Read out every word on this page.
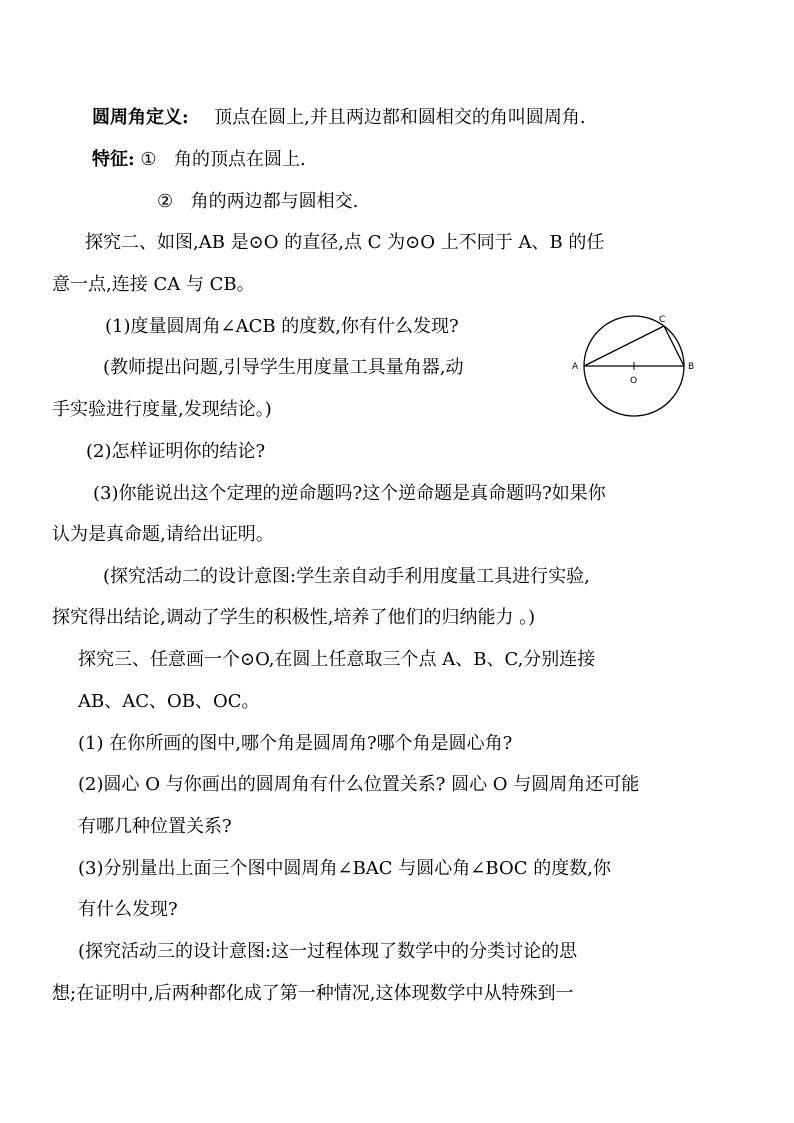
圆周角定义: 顶点在圆上,并且两边都和圆相交的角叫圆周角.
特征: ① 角的顶点在圆上.
② 角的两边都与圆相交.
探究二、如图,AB 是⊙O 的直径,点 C 为⊙O 上不同于 A、B 的任
意一点,连接 CA 与 CB。
(1)度量圆周角∠ACB 的度数,你有什么发现?
(教师提出问题,引导学生用度量工具量角器,动
手实验进行度量,发现结论。)
(2)怎样证明你的结论?
(3)你能说出这个定理的逆命题吗?这个逆命题是真命题吗?如果你
认为是真命题,请给出证明。
(探究活动二的设计意图:学生亲自动手利用度量工具进行实验,
探究得出结论,调动了学生的积极性,培养了他们的归纳能力 。)
A	B
C
O
探究三、任意画一个⊙O,在圆上任意取三个点 A、B、C,分别连接
AB、AC、OB、OC。
(1) 在你所画的图中,哪个角是圆周角?哪个角是圆心角?
(2)圆心 O 与你画出的圆周角有什么位置关系? 圆心 O 与圆周角还可能
有哪几种位置关系?
(3)分别量出上面三个图中圆周角∠BAC 与圆心角∠BOC 的度数,你
有什么发现?
(探究活动三的设计意图:这一过程体现了数学中的分类讨论的思
想;在证明中,后两种都化成了第一种情况,这体现数学中从特殊到一
